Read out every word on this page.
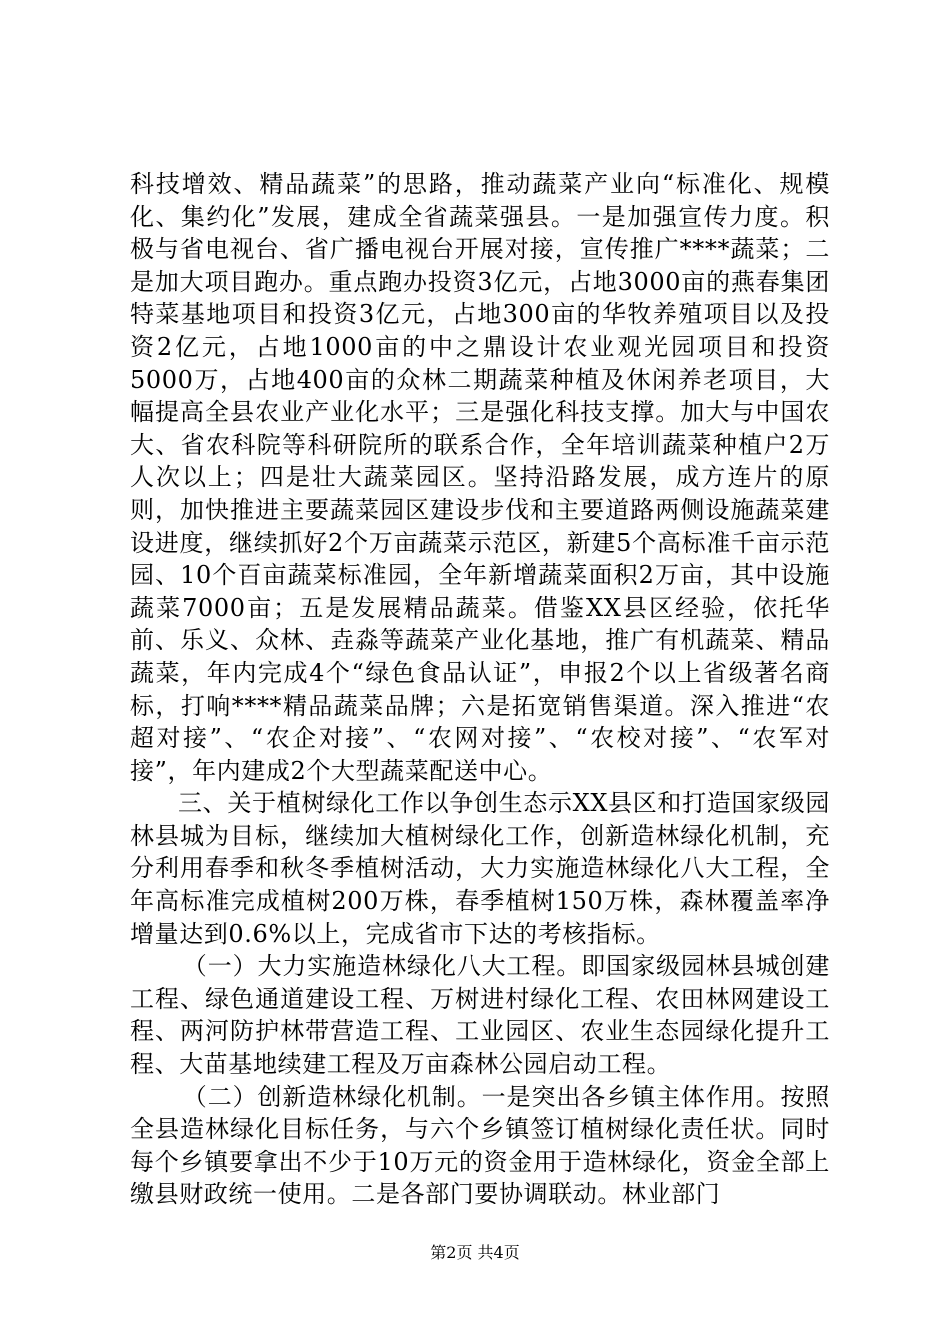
科技增效、精品蔬菜”的思路，推动蔬菜产业向“标准化、规模化、集约化”发展，建成全省蔬菜强县。一是加强宣传力度。积极与省电视台、省广播电视台开展对接，宣传推广****蔬菜；二是加大项目跑办。重点跑办投资3亿元，占地3000亩的燕春集团特菜基地项目和投资3亿元，占地300亩的华牧养殖项目以及投资2亿元，占地1000亩的中之鼎设计农业观光园项目和投资5000万，占地400亩的众林二期蔬菜种植及休闲养老项目，大幅提高全县农业产业化水平；三是强化科技支撑。加大与中国农大、省农科院等科研院所的联系合作，全年培训蔬菜种植户2万人次以上；四是壮大蔬菜园区。坚持沿路发展，成方连片的原则，加快推进主要蔬菜园区建设步伐和主要道路两侧设施蔬菜建设进度，继续抓好2个万亩蔬菜示范区，新建5个高标准千亩示范园、10个百亩蔬菜标准园，全年新增蔬菜面积2万亩，其中设施蔬菜7000亩；五是发展精品蔬菜。借鉴XX县区经验，依托华前、乐义、众林、垚淼等蔬菜产业化基地，推广有机蔬菜、精品蔬菜，年内完成4个“绿色食品认证”，申报2个以上省级著名商标，打响****精品蔬菜品牌；六是拓宽销售渠道。深入推进“农超对接”、“农企对接”、“农网对接”、“农校对接”、“农军对接”，年内建成2个大型蔬菜配送中心。

三、关于植树绿化工作以争创生态示XX县区和打造国家级园林县城为目标，继续加大植树绿化工作，创新造林绿化机制，充分利用春季和秋冬季植树活动，大力实施造林绿化八大工程，全年高标准完成植树200万株，春季植树150万株，森林覆盖率净增量达到0.6%以上，完成省市下达的考核指标。

（一）大力实施造林绿化八大工程。即国家级园林县城创建工程、绿色通道建设工程、万树进村绿化工程、农田林网建设工程、两河防护林带营造工程、工业园区、农业生态园绿化提升工程、大苗基地续建工程及万亩森林公园启动工程。

（二）创新造林绿化机制。一是突出各乡镇主体作用。按照全县造林绿化目标任务，与六个乡镇签订植树绿化责任状。同时每个乡镇要拿出不少于10万元的资金用于造林绿化，资金全部上缴县财政统一使用。二是各部门要协调联动。林业部门

第2页 共4页
